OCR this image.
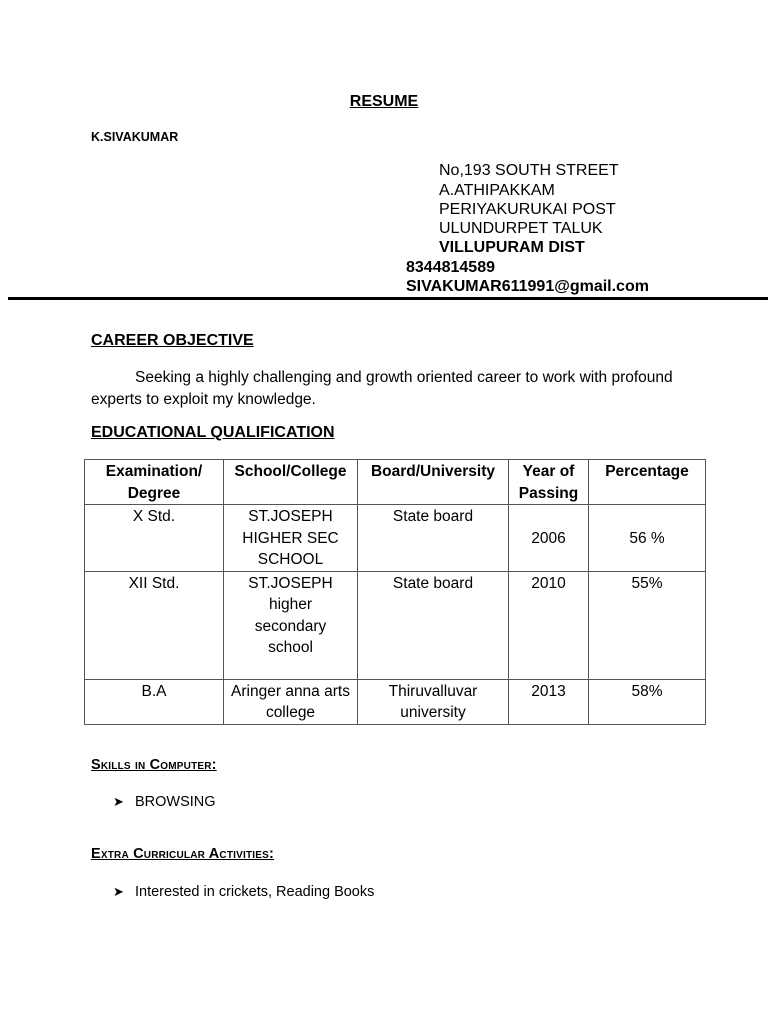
RESUME
K.SIVAKUMAR
No,193 SOUTH STREET
A.ATHIPAKKAM
PERIYAKURUKAI POST
ULUNDURPET TALUK
VILLUPURAM DIST
8344814589
SIVAKUMAR611991@gmail.com
CAREER OBJECTIVE
Seeking a highly challenging and growth oriented career to work with profound experts to exploit my knowledge.
EDUCATIONAL QUALIFICATION
Examination/ Degree	School/College	Board/University	Year of Passing	Percentage
X Std.	ST.JOSEPH HIGHER SEC SCHOOL	State board	2006	56 %
XII Std.	ST.JOSEPH higher secondary school	State board	2010	55%
B.A	Aringer anna arts college	Thiruvalluvar university	2013	58%
Skills in Computer:
➤ BROWSING
Extra Curricular Activities:
➤ Interested in crickets, Reading Books
